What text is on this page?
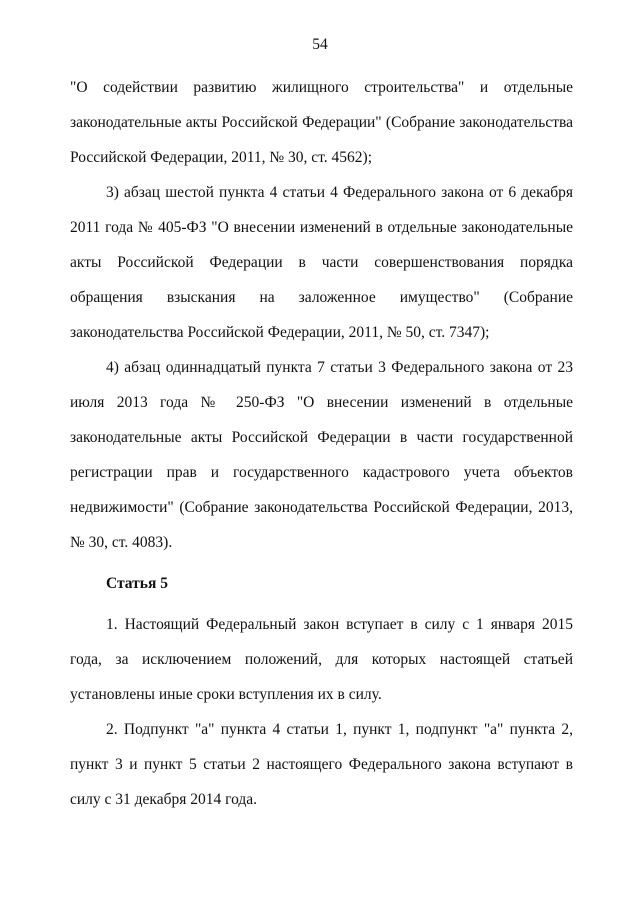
54

"О содействии развитию жилищного строительства" и отдельные законодательные акты Российской Федерации" (Собрание законодательства Российской Федерации, 2011, № 30, ст. 4562);

3) абзац шестой пункта 4 статьи 4 Федерального закона от 6 декабря 2011 года № 405-ФЗ "О внесении изменений в отдельные законодательные акты Российской Федерации в части совершенствования порядка обращения взыскания на заложенное имущество" (Собрание законодательства Российской Федерации, 2011, № 50, ст. 7347);

4) абзац одиннадцатый пункта 7 статьи 3 Федерального закона от 23 июля 2013 года № 250-ФЗ "О внесении изменений в отдельные законодательные акты Российской Федерации в части государственной регистрации прав и государственного кадастрового учета объектов недвижимости" (Собрание законодательства Российской Федерации, 2013, № 30, ст. 4083).

Статья 5

1. Настоящий Федеральный закон вступает в силу с 1 января 2015 года, за исключением положений, для которых настоящей статьей установлены иные сроки вступления их в силу.

2. Подпункт "а" пункта 4 статьи 1, пункт 1, подпункт "а" пункта 2, пункт 3 и пункт 5 статьи 2 настоящего Федерального закона вступают в силу с 31 декабря 2014 года.
